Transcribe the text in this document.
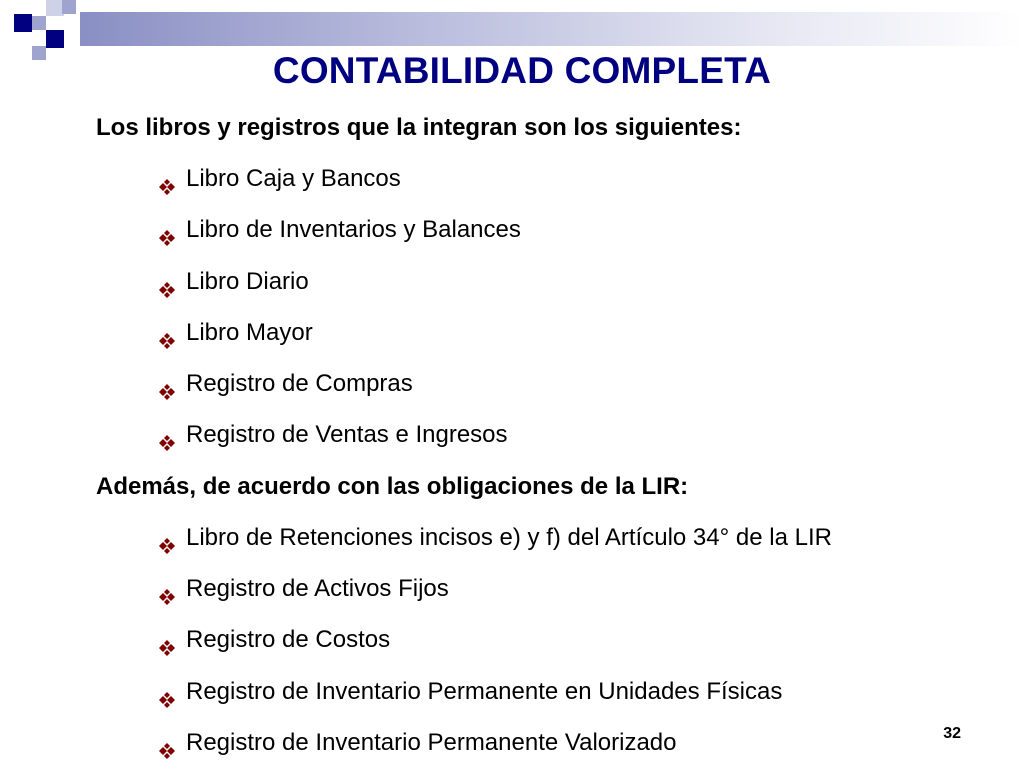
CONTABILIDAD COMPLETA
Los libros y registros que la integran son los siguientes:
Libro Caja y Bancos
Libro de Inventarios y Balances
Libro Diario
Libro Mayor
Registro de Compras
Registro de Ventas e Ingresos
Además, de acuerdo con las obligaciones de la LIR:
Libro de Retenciones incisos e) y f) del Artículo 34° de la LIR
Registro de Activos Fijos
Registro de Costos
Registro de Inventario Permanente en Unidades Físicas
Registro de Inventario Permanente Valorizado	32
